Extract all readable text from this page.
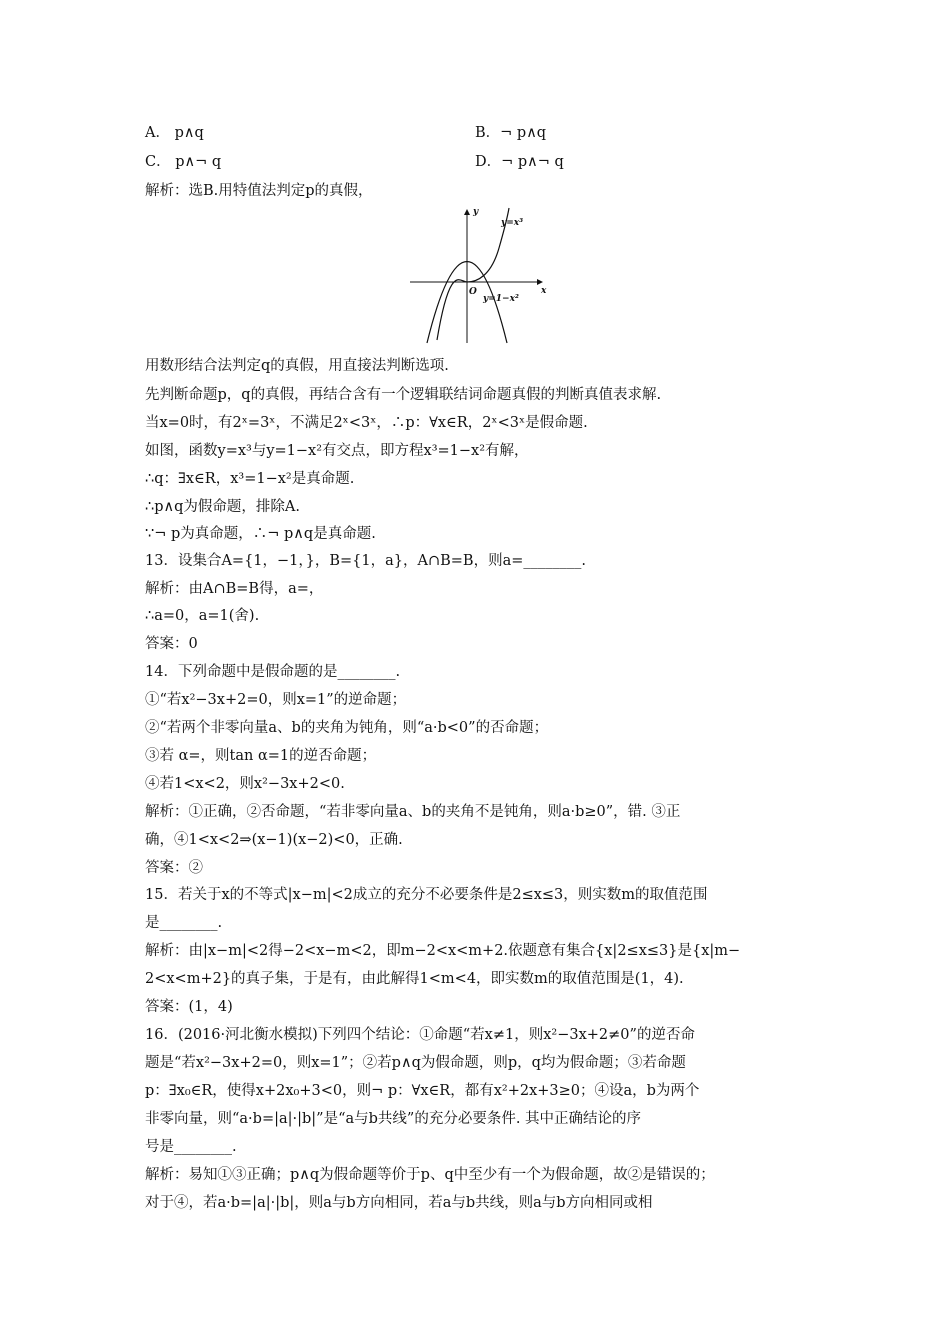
A． p∧q	B．¬ p∧q
C． p∧¬ q	D．¬ p∧¬ q
解析：选B.用特值法判定p的真假，
y
x
O
y=x³
y=1−x²
用数形结合法判定q的真假，用直接法判断选项.
先判断命题p，q的真假，再结合含有一个逻辑联结词命题真假的判断真值表求解.
当x=0时，有2ˣ=3ˣ，不满足2ˣ<3ˣ，∴p：∀x∈R，2ˣ<3ˣ是假命题.
如图，函数y=x³与y=1−x²有交点，即方程x³=1−x²有解，
∴q：∃x∈R，x³=1−x²是真命题.
∴p∧q为假命题，排除A.
∵¬ p为真命题，∴¬ p∧q是真命题.
13．设集合A={1，−1，}，B={1，a}，A∩B=B，则a=________.
解析：由A∩B=B得，a=，
∴a=0，a=1(舍).
答案：0
14．下列命题中是假命题的是________.
①“若x²−3x+2=0，则x=1”的逆命题；
②“若两个非零向量a、b的夹角为钝角，则“a·b<0”的否命题；
③若 α=，则tan α=1的逆否命题；
④若1<x<2，则x²−3x+2<0.
解析：①正确，②否命题，“若非零向量a、b的夹角不是钝角，则a·b≥0”，错. ③正
确，④1<x<2⇒(x−1)(x−2)<0，正确.
答案：②
15．若关于x的不等式|x−m|<2成立的充分不必要条件是2≤x≤3，则实数m的取值范围
是________.
解析：由|x−m|<2得−2<x−m<2，即m−2<x<m+2.依题意有集合{x|2≤x≤3}是{x|m−
2<x<m+2}的真子集，于是有，由此解得1<m<4，即实数m的取值范围是(1，4).
答案：(1，4)
16．(2016·河北衡水模拟)下列四个结论：①命题“若x≠1，则x²−3x+2≠0”的逆否命
题是“若x²−3x+2=0，则x=1”；②若p∧q为假命题，则p，q均为假命题；③若命题
p：∃x₀∈R，使得x+2x₀+3<0，则¬ p：∀x∈R，都有x²+2x+3≥0；④设a，b为两个
非零向量，则“a·b=|a|·|b|”是“a与b共线”的充分必要条件. 其中正确结论的序
号是________.
解析：易知①③正确；p∧q为假命题等价于p、q中至少有一个为假命题，故②是错误的；
对于④，若a·b=|a|·|b|，则a与b方向相同，若a与b共线，则a与b方向相同或相
